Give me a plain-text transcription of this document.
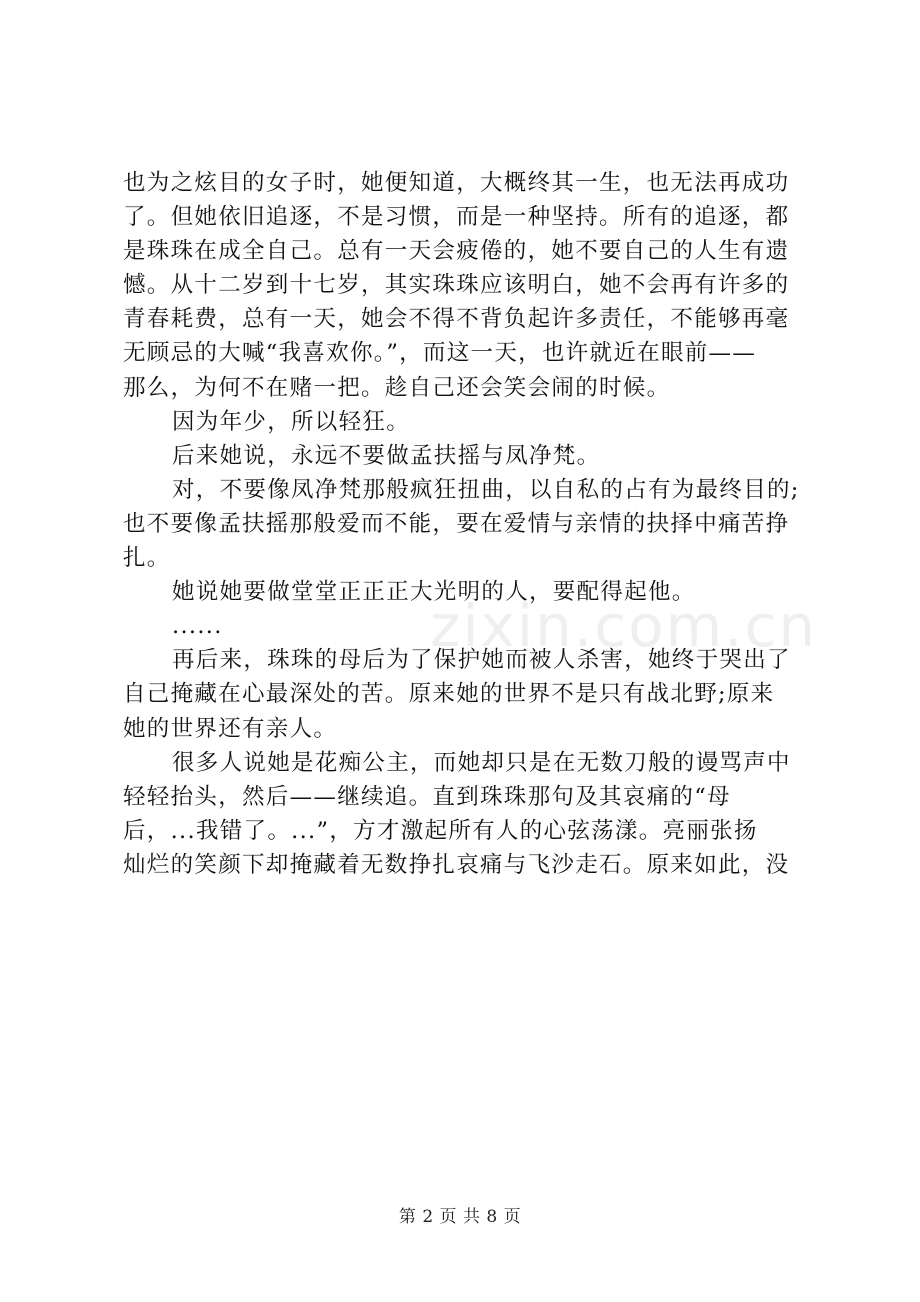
也为之炫目的女子时，她便知道，大概终其一生，也无法再成功
了。但她依旧追逐，不是习惯，而是一种坚持。所有的追逐，都
是珠珠在成全自己。总有一天会疲倦的，她不要自己的人生有遗
憾。从十二岁到十七岁，其实珠珠应该明白，她不会再有许多的
青春耗费，总有一天，她会不得不背负起许多责任，不能够再毫
无顾忌的大喊“我喜欢你。”，而这一天，也许就近在眼前——
那么，为何不在赌一把。趁自己还会笑会闹的时候。
因为年少，所以轻狂。
后来她说，永远不要做孟扶摇与凤净梵。
对，不要像凤净梵那般疯狂扭曲，以自私的占有为最终目的;
也不要像孟扶摇那般爱而不能，要在爱情与亲情的抉择中痛苦挣
扎。
她说她要做堂堂正正正大光明的人，要配得起他。
......
再后来，珠珠的母后为了保护她而被人杀害，她终于哭出了
自己掩藏在心最深处的苦。原来她的世界不是只有战北野;原来
她的世界还有亲人。
很多人说她是花痴公主，而她却只是在无数刀般的谩骂声中
轻轻抬头，然后——继续追。直到珠珠那句及其哀痛的“母
后，...我错了。...”，方才激起所有人的心弦荡漾。亮丽张扬
灿烂的笑颜下却掩藏着无数挣扎哀痛与飞沙走石。原来如此，没
zixin.com.cn
第 2 页 共 8 页
